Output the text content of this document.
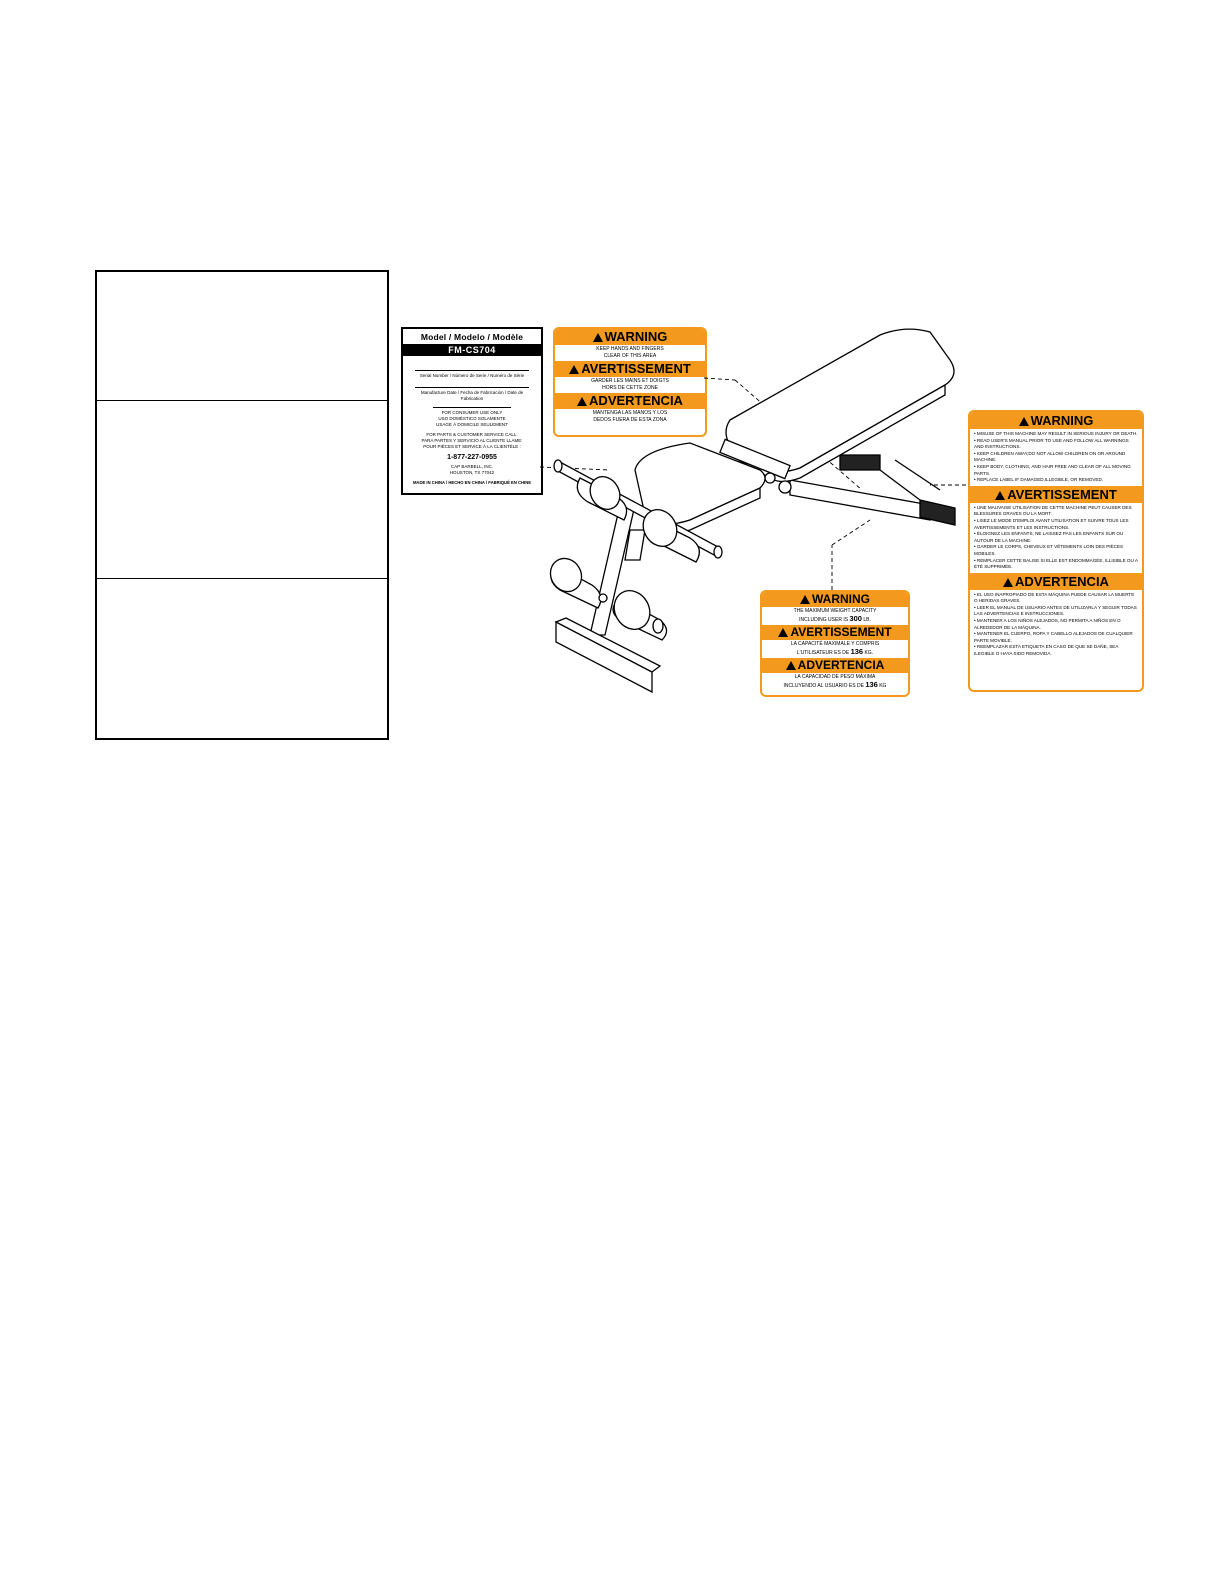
Model / Modelo / Modèle
FM-CS704
Serial Number / Número de Serie / Numéro de Série
Manufacture Date / Fecha de Fabricación / Date de Fabrication
FOR CONSUMER USE ONLY
USO DOMÉSTICO SOLAMENTE
USAGE À DOMICILE SEULEMENT
FOR PARTS & CUSTOMER SERVICE CALL:
PARA PARTES Y SERVICIO AL CLIENTE LLAME:
POUR PIÈCES ET SERVICE À LA CLIENTÈLE :
1-877-227-0955
CAP BARBELL, INC.
HOUSTON, TX 77042
MADE IN CHINA / HECHO EN CHINA / FABRIQUÉ EN CHINE
WARNING
KEEP HANDS AND FINGERS
CLEAR OF THIS AREA
AVERTISSEMENT
GARDER LES MAINS ET DOIGTS
HORS DE CETTE ZONE
ADVERTENCIA
MANTENGA LAS MANOS Y LOS
DEDOS FUERA DE ESTA ZONA
WARNING
THE MAXIMUM WEIGHT CAPACITY
INCLUDING USER IS 300 LB.
AVERTISSEMENT
LA CAPACITÉ MAXIMALE Y COMPRIS
L'UTILISATEUR ES DE 136 KG.
ADVERTENCIA
LA CAPACIDAD DE PESO MÁXIMA
INCLUYENDO AL USUARIO ES DE 136 KG
WARNING
• MISUSE OF THIS MACHINE MAY RESULT IN SERIOUS INJURY OR DEATH.
• READ USER'S MANUAL PRIOR TO USE AND FOLLOW ALL WARNINGS AND INSTRUCTIONS.
• KEEP CHILDREN AWAY,DO NOT ALLOW CHILDREN ON OR AROUND MACHINE.
• KEEP BODY, CLOTHING, AND HAIR FREE AND CLEAR OF ALL MOVING PARTS.
• REPLACE LABEL IF DAMAGED,ILLEGIBLE, OR REMOVED.
AVERTISSEMENT
• UNE MAUVAISE UTILISATION DE CETTE MACHINE PEUT CAUSER DES BLESSURES GRAVES OU LA MORT.
• LISEZ LE MODE D'EMPLOI AVANT UTILISATION ET SUIVRE TOUS LES AVERTISSEMENTS ET LES INSTRUCTIONS.
• ÉLOIGNEZ LES ENFANTS, NE LAISSEZ PAS LES ENFANTS SUR OU AUTOUR DE LA MACHINE.
• GARDER LE CORPS, CHEVEUX ET VÊTEMENTS LOIN DES PIÈCES MOBILES.
• REMPLACER CETTE BALISE SI ELLE EST ENDOMMAGÉE, ILLISIBLE OU A ÉTÉ SUPPRIMÉE.
ADVERTENCIA
• EL USO INAPROPIADO DE ESTA MÁQUINA PUEDE CAUSAR LA MUERTE O HERIDAS GRAVES.
• LEER EL MANUAL DE USUARIO ANTES DE UTILIZARLA Y SEGUIR TODAS LAS ADVERTENCIAS E INSTRUCCIONES.
• MANTENER A LOS NIÑOS ALEJADOS, NO PERMITA A NIÑOS EN O ALREDEDOR DE LA MÁQUINA.
• MANTENER EL CUERPO, ROPA Y CABELLO ALEJADOS DE CUALQUIER PARTE MOVIBLE.
• REEMPLAZAR ESTA ETIQUETA EN CASO DE QUE SE DAÑE, SEA ILEGIBLE O HAYA SIDO REMOVIDA.
